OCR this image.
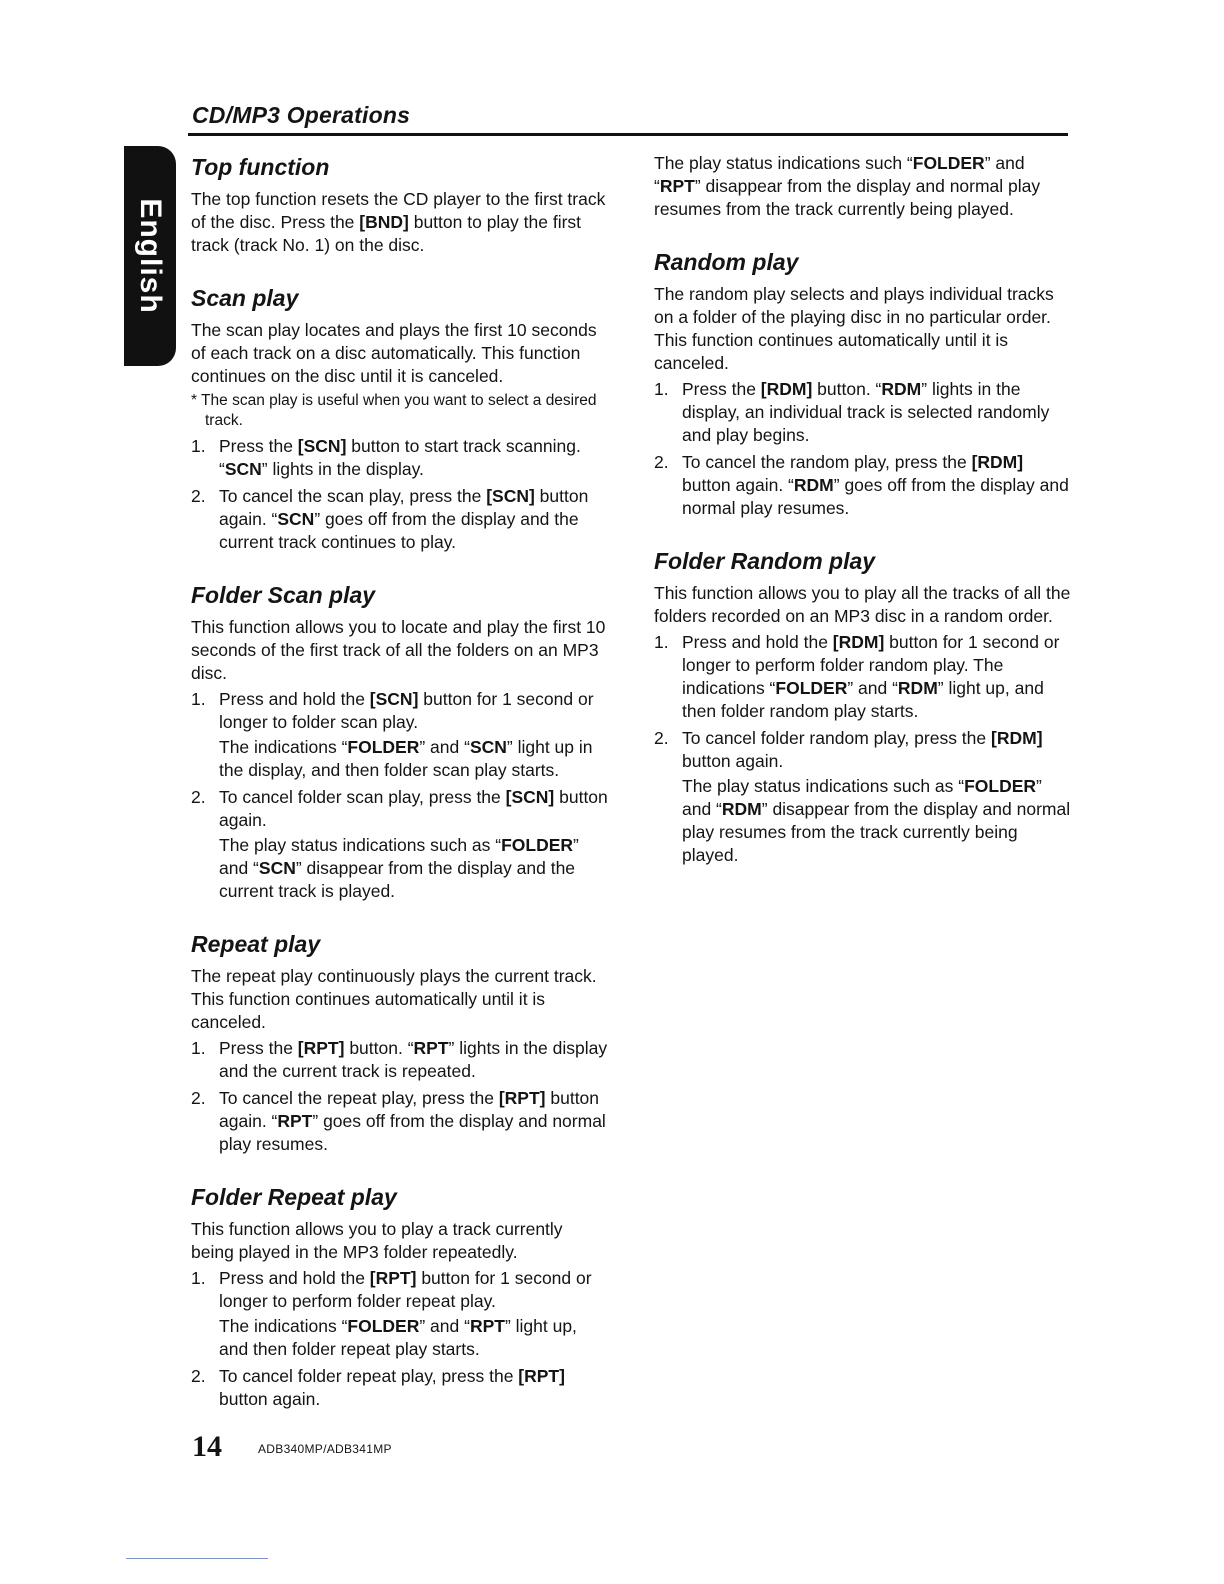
CD/MP3 Operations
English
Top function

The top function resets the CD player to the first track of the disc. Press the [BND] button to play the first track (track No. 1) on the disc.

Scan play

The scan play locates and plays the first 10 seconds of each track on a disc automatically. This function continues on the disc until it is canceled.

* The scan play is useful when you want to select a desired track.

1. Press the [SCN] button to start track scanning. “SCN” lights in the display.
2. To cancel the scan play, press the [SCN] button again. “SCN” goes off from the display and the current track continues to play.
Folder Scan play

This function allows you to locate and play the first 10 seconds of the first track of all the folders on an MP3 disc.

1. Press and hold the [SCN] button for 1 second or longer to folder scan play.
The indications “FOLDER” and “SCN” light up in the display, and then folder scan play starts.
2. To cancel folder scan play, press the [SCN] button again.
The play status indications such as “FOLDER” and “SCN” disappear from the display and the current track is played.
Repeat play

The repeat play continuously plays the current track. This function continues automatically until it is canceled.

1. Press the [RPT] button. “RPT” lights in the display and the current track is repeated.
2. To cancel the repeat play, press the [RPT] button again. “RPT” goes off from the display and normal play resumes.
Folder Repeat play

This function allows you to play a track currently being played in the MP3 folder repeatedly.

1. Press and hold the [RPT] button for 1 second or longer to perform folder repeat play.
The indications “FOLDER” and “RPT” light up, and then folder repeat play starts.
2. To cancel folder repeat play, press the [RPT] button again.

The play status indications such “FOLDER” and “RPT” disappear from the display and normal play resumes from the track currently being played.

Random play

The random play selects and plays individual tracks on a folder of the playing disc in no particular order. This function continues automatically until it is canceled.

1. Press the [RDM] button. “RDM” lights in the display, an individual track is selected randomly and play begins.
2. To cancel the random play, press the [RDM] button again. “RDM” goes off from the display and normal play resumes.
Folder Random play

This function allows you to play all the tracks of all the folders recorded on an MP3 disc in a random order.

1. Press and hold the [RDM] button for 1 second or longer to perform folder random play. The indications “FOLDER” and “RDM” light up, and then folder random play starts.
2. To cancel folder random play, press the [RDM] button again.
The play status indications such as “FOLDER” and “RDM” disappear from the display and normal play resumes from the track currently being played.
14	ADB340MP/ADB341MP
